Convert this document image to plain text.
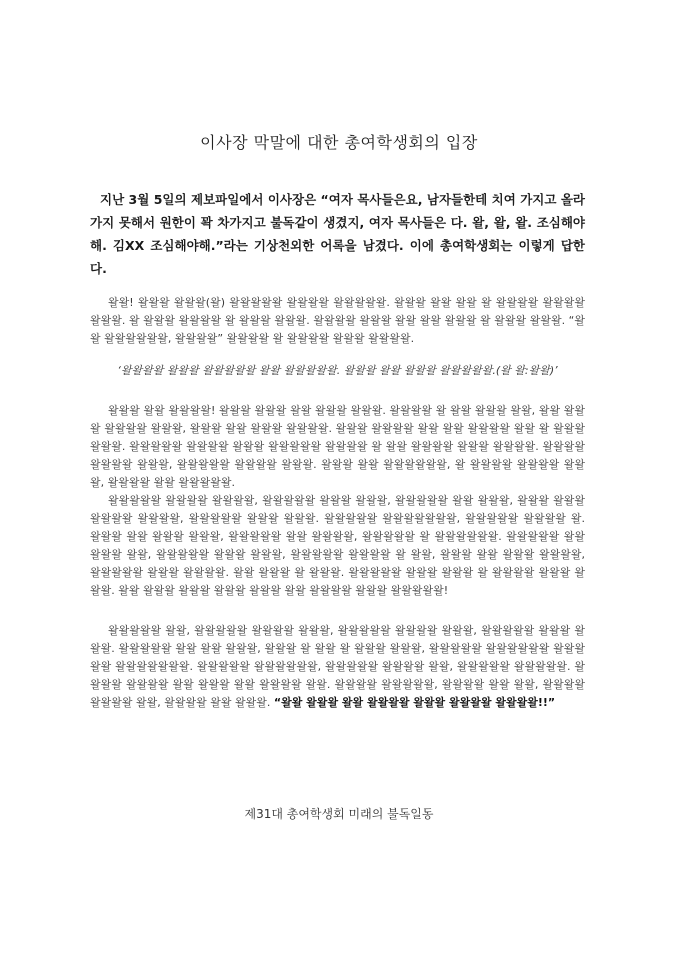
이사장 막말에 대한 총여학생회의 입장

지난 3월 5일의 제보파일에서 이사장은 “여자 목사들은요, 남자들한테 치여 가지고 올라가지 못해서 원한이 꽉 차가지고 불독같이 생겼지, 여자 목사들은 다. 왈, 왈, 왈. 조심해야해. 김XX 조심해야해.”라는 기상천외한 어록을 남겼다. 이에 총여학생회는 이렇게 답한다.

왈왈! 왈왈왈 왈왈왈(왈) 왈왈왈왈왈 왈왈왈왈 왈왈왈왈왈. 왈왈왈 왈왈 왈왈 왈 왈왈왈왈 왈왈왈왈 왈왈왈. 왈 왈왈왈 왈왈왈왈 왈 왈왈왈 왈왈왈. 왈왈왈왈 왈왈왈 왈왈 왈왈 왈왈왈 왈 왈왈왈 왈왈왈. “왈왈 왈왈왈왈왈왈, 왈왈왈왈” 왈왈왈왈 왈 왈왈왈왈 왈왈왈 왈왈왈왈.

‘왈왈왈왈 왈왈왈 왈왈왈왈왈 왈왈 왈왈왈왈왈. 왈왈왈 왈왈 왈왈왈 왈왈왈왈왈.(왈 왈:왈왈)’

왈왈왈 왈왈 왈왈왈왈! 왈왈왈 왈왈왈 왈왈 왈왈왈 왈왈왈. 왈왈왈왈 왈 왈왈 왈왈왈 왈왈, 왈왈 왈왈왈 왈왈왈왈 왈왈왈, 왈왈왈 왈왈 왈왈왈 왈왈왈왈. 왈왈왈 왈왈왈왈 왈왈 왈왈 왈왈왈왈 왈왈 왈 왈왈왈 왈왈왈. 왈왈왈왈왈 왈왈왈왈 왈왈왈 왈왈왈왈왈 왈왈왈왈 왈 왈왈 왈왈왈왈 왈왈왈 왈왈왈왈. 왈왈왈왈 왈왈왈왈 왈왈왈, 왈왈왈왈왈 왈왈왈왈 왈왈왈. 왈왈왈 왈왈 왈왈왈왈왈왈, 왈 왈왈왈왈 왈왈왈왈 왈왈왈, 왈왈왈왈 왈왈 왈왈왈왈왈.

왈왈왈왈왈 왈왈왈왈 왈왈왈왈, 왈왈왈왈왈 왈왈왈 왈왈왈, 왈왈왈왈왈 왈왈 왈왈왈, 왈왈왈 왈왈왈 왈왈왈왈 왈왈왈왈, 왈왈왈왈왈 왈왈왈 왈왈왈. 왈왈왈왈왈 왈왈왈왈왈왈왈, 왈왈왈왈왈 왈왈왈왈 왈. 왈왈왈 왈왈 왈왈왈 왈왈왈, 왈왈왈왈왈 왈왈 왈왈왈왈, 왈왈왈왈왈 왈 왈왈왈왈왈왈. 왈왈왈왈왈 왈왈왈왈왈 왈왈, 왈왈왈왈왈 왈왈왈 왈왈왈, 왈왈왈왈왈 왈왈왈왈 왈 왈왈, 왈왈왈 왈왈 왈왈왈 왈왈왈왈, 왈왈왈왈왈 왈왈왈 왈왈왈왈. 왈왈 왈왈왈 왈 왈왈왈. 왈왈왈왈왈 왈왈왈 왈왈왈 왈 왈왈왈왈 왈왈왈 왈왈왈. 왈왈 왈왈왈 왈왈왈 왈왈왈 왈왈왈 왈왈 왈왈왈왈 왈왈왈 왈왈왈왈왈!

왈왈왈왈왈 왈왈, 왈왈왈왈왈 왈왈왈왈 왈왈왈, 왈왈왈왈왈 왈왈왈왈 왈왈왈, 왈왈왈왈왈 왈왈왈 왈왈왈. 왈왈왈왈왈 왈왈 왈왈 왈왈왈, 왈왈왈 왈 왈왈 왈 왈왈왈 왈왈왈, 왈왈왈왈왈 왈왈왈왈왈왈 왈왈왈왈왈 왈왈왈왈왈왈왈. 왈왈왈왈왈 왈왈왈왈왈왈, 왈왈왈왈왈 왈왈왈왈 왈왈, 왈왈왈왈왈 왈왈왈왈왈. 왈왈왈왈 왈왈왈왈 왈왈 왈왈왈 왈왈 왈왈왈왈 왈왈. 왈왈왈왈 왈왈왈왈왈, 왈왈왈왈 왈왈 왈왈, 왈왈왈왈 왈왈왈왈 왈왈, 왈왈왈왈 왈왈 왈왈왈. “왈왈 왈왈왈 왈왈 왈왈왈왈 왈왈왈 왈왈왈왈 왈왈왈왈!!”

제31대 총여학생회 미래의 불독일동
